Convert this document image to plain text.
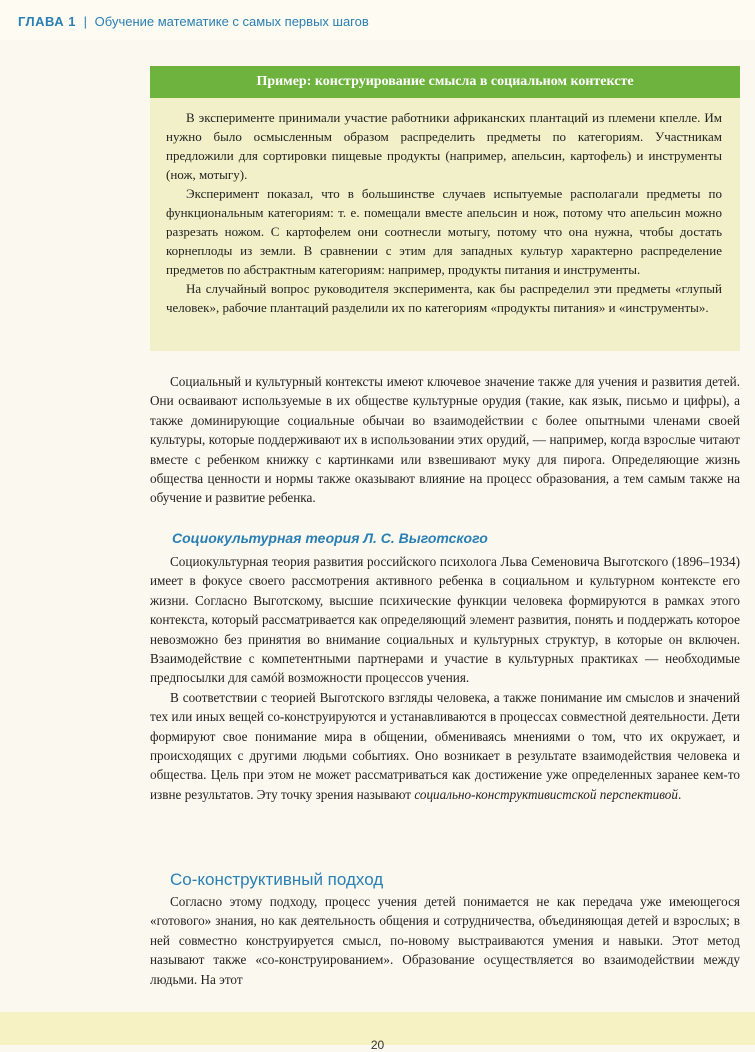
ГЛАВА 1 | Обучение математике с самых первых шагов
Пример: конструирование смысла в социальном контексте

В эксперименте принимали участие работники африканских плантаций из племени кпелле. Им нужно было осмысленным образом распределить предметы по категориям. Участникам предложили для сортировки пищевые продукты (например, апельсин, картофель) и инструменты (нож, мотыгу).

Эксперимент показал, что в большинстве случаев испытуемые располагали предметы по функциональным категориям: т. е. помещали вместе апельсин и нож, потому что апельсин можно разрезать ножом. С картофелем они соотнесли мотыгу, потому что она нужна, чтобы достать корнеплоды из земли. В сравнении с этим для западных культур характерно распределение предметов по абстрактным категориям: например, продукты питания и инструменты.

На случайный вопрос руководителя эксперимента, как бы распределил эти предметы «глупый человек», рабочие плантаций разделили их по категориям «продукты питания» и «инструменты».

Социальный и культурный контексты имеют ключевое значение также для учения и развития детей. Они осваивают используемые в их обществе культурные орудия (такие, как язык, письмо и цифры), а также доминирующие социальные обычаи во взаимодействии с более опытными членами своей культуры, которые поддерживают их в использовании этих орудий, — например, когда взрослые читают вместе с ребенком книжку с картинками или взвешивают муку для пирога. Определяющие жизнь общества ценности и нормы также оказывают влияние на процесс образования, а тем самым также на обучение и развитие ребенка.

Социокультурная теория Л. С. Выготского

Социокультурная теория развития российского психолога Льва Семеновича Выготского (1896–1934) имеет в фокусе своего рассмотрения активного ребенка в социальном и культурном контексте его жизни. Согласно Выготскому, высшие психические функции человека формируются в рамках этого контекста, который рассматривается как определяющий элемент развития, понять и поддержать которое невозможно без принятия во внимание социальных и культурных структур, в которые он включен. Взаимодействие с компетентными партнерами и участие в культурных практиках — необходимые предпосылки для самóй возможности процессов учения.

В соответствии с теорией Выготского взгляды человека, а также понимание им смыслов и значений тех или иных вещей со-конструируются и устанавливаются в процессах совместной деятельности. Дети формируют свое понимание мира в общении, обмениваясь мнениями о том, что их окружает, и происходящих с другими людьми событиях. Оно возникает в результате взаимодействия человека и общества. Цель при этом не может рассматриваться как достижение уже определенных заранее кем-то извне результатов. Эту точку зрения называют социально-конструктивистской перспективой.

Со-конструктивный подход

Согласно этому подходу, процесс учения детей понимается не как передача уже имеющегося «готового» знания, но как деятельность общения и сотрудничества, объединяющая детей и взрослых; в ней совместно конструируется смысл, по-новому выстраиваются умения и навыки. Этот метод называют также «со-конструированием». Образование осуществляется во взаимодействии между людьми. На этот

20
